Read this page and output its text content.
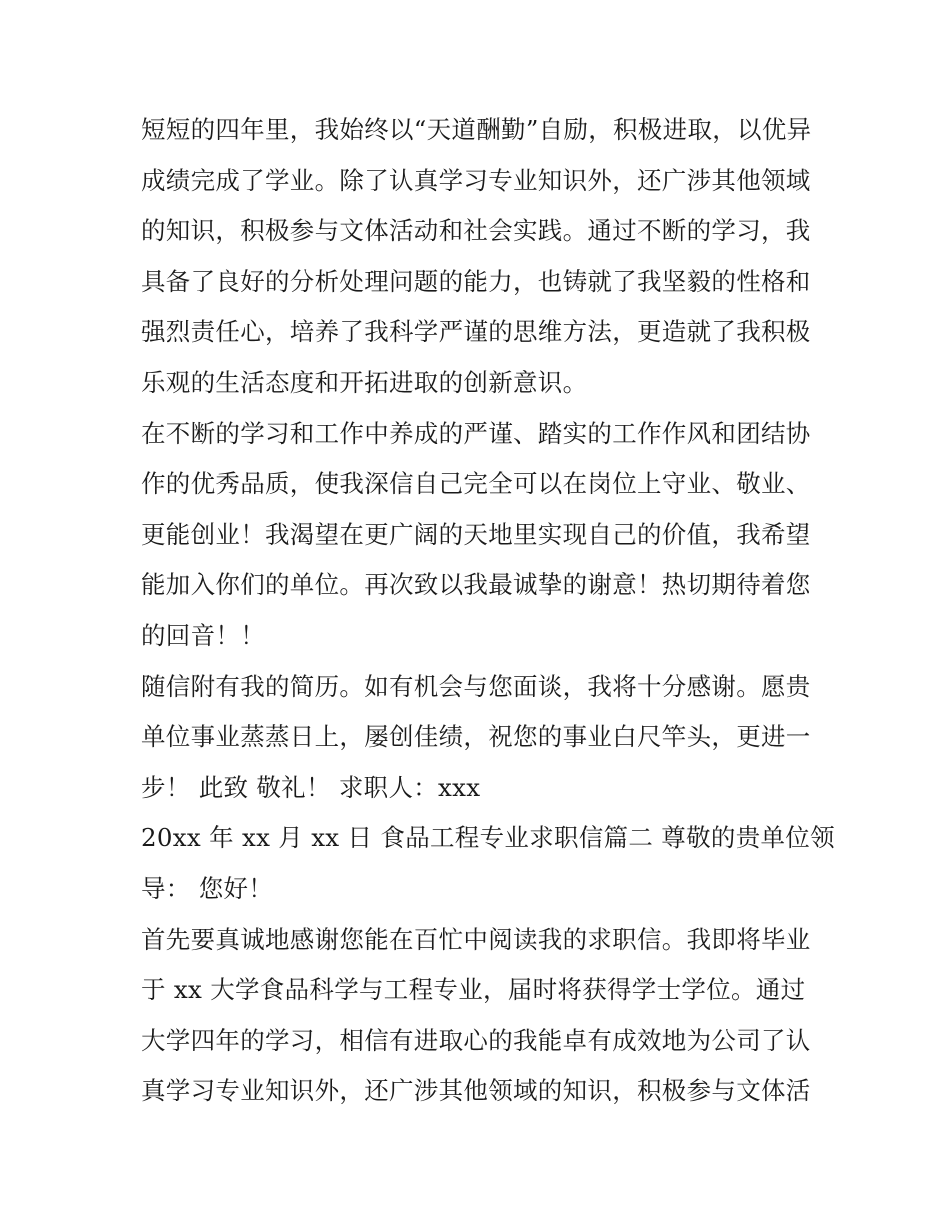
短短的四年里，我始终以“天道酬勤”自励，积极进取，以优异
成绩完成了学业。除了认真学习专业知识外，还广涉其他领域
的知识，积极参与文体活动和社会实践。通过不断的学习，我
具备了良好的分析处理问题的能力，也铸就了我坚毅的性格和
强烈责任心，培养了我科学严谨的思维方法，更造就了我积极
乐观的生活态度和开拓进取的创新意识。
在不断的学习和工作中养成的严谨、踏实的工作作风和团结协
作的优秀品质，使我深信自己完全可以在岗位上守业、敬业、
更能创业！我渴望在更广阔的天地里实现自己的价值，我希望
能加入你们的单位。再次致以我最诚挚的谢意！热切期待着您
的回音！！
随信附有我的简历。如有机会与您面谈，我将十分感谢。愿贵
单位事业蒸蒸日上，屡创佳绩，祝您的事业白尺竿头，更进一
步！ 此致 敬礼！ 求职人：xxx
20xx 年 xx 月 xx 日 食品工程专业求职信篇二 尊敬的贵单位领
导： 您好！
首先要真诚地感谢您能在百忙中阅读我的求职信。我即将毕业
于 xx 大学食品科学与工程专业，届时将获得学士学位。通过
大学四年的学习，相信有进取心的我能卓有成效地为公司了认
真学习专业知识外，还广涉其他领域的知识，积极参与文体活
